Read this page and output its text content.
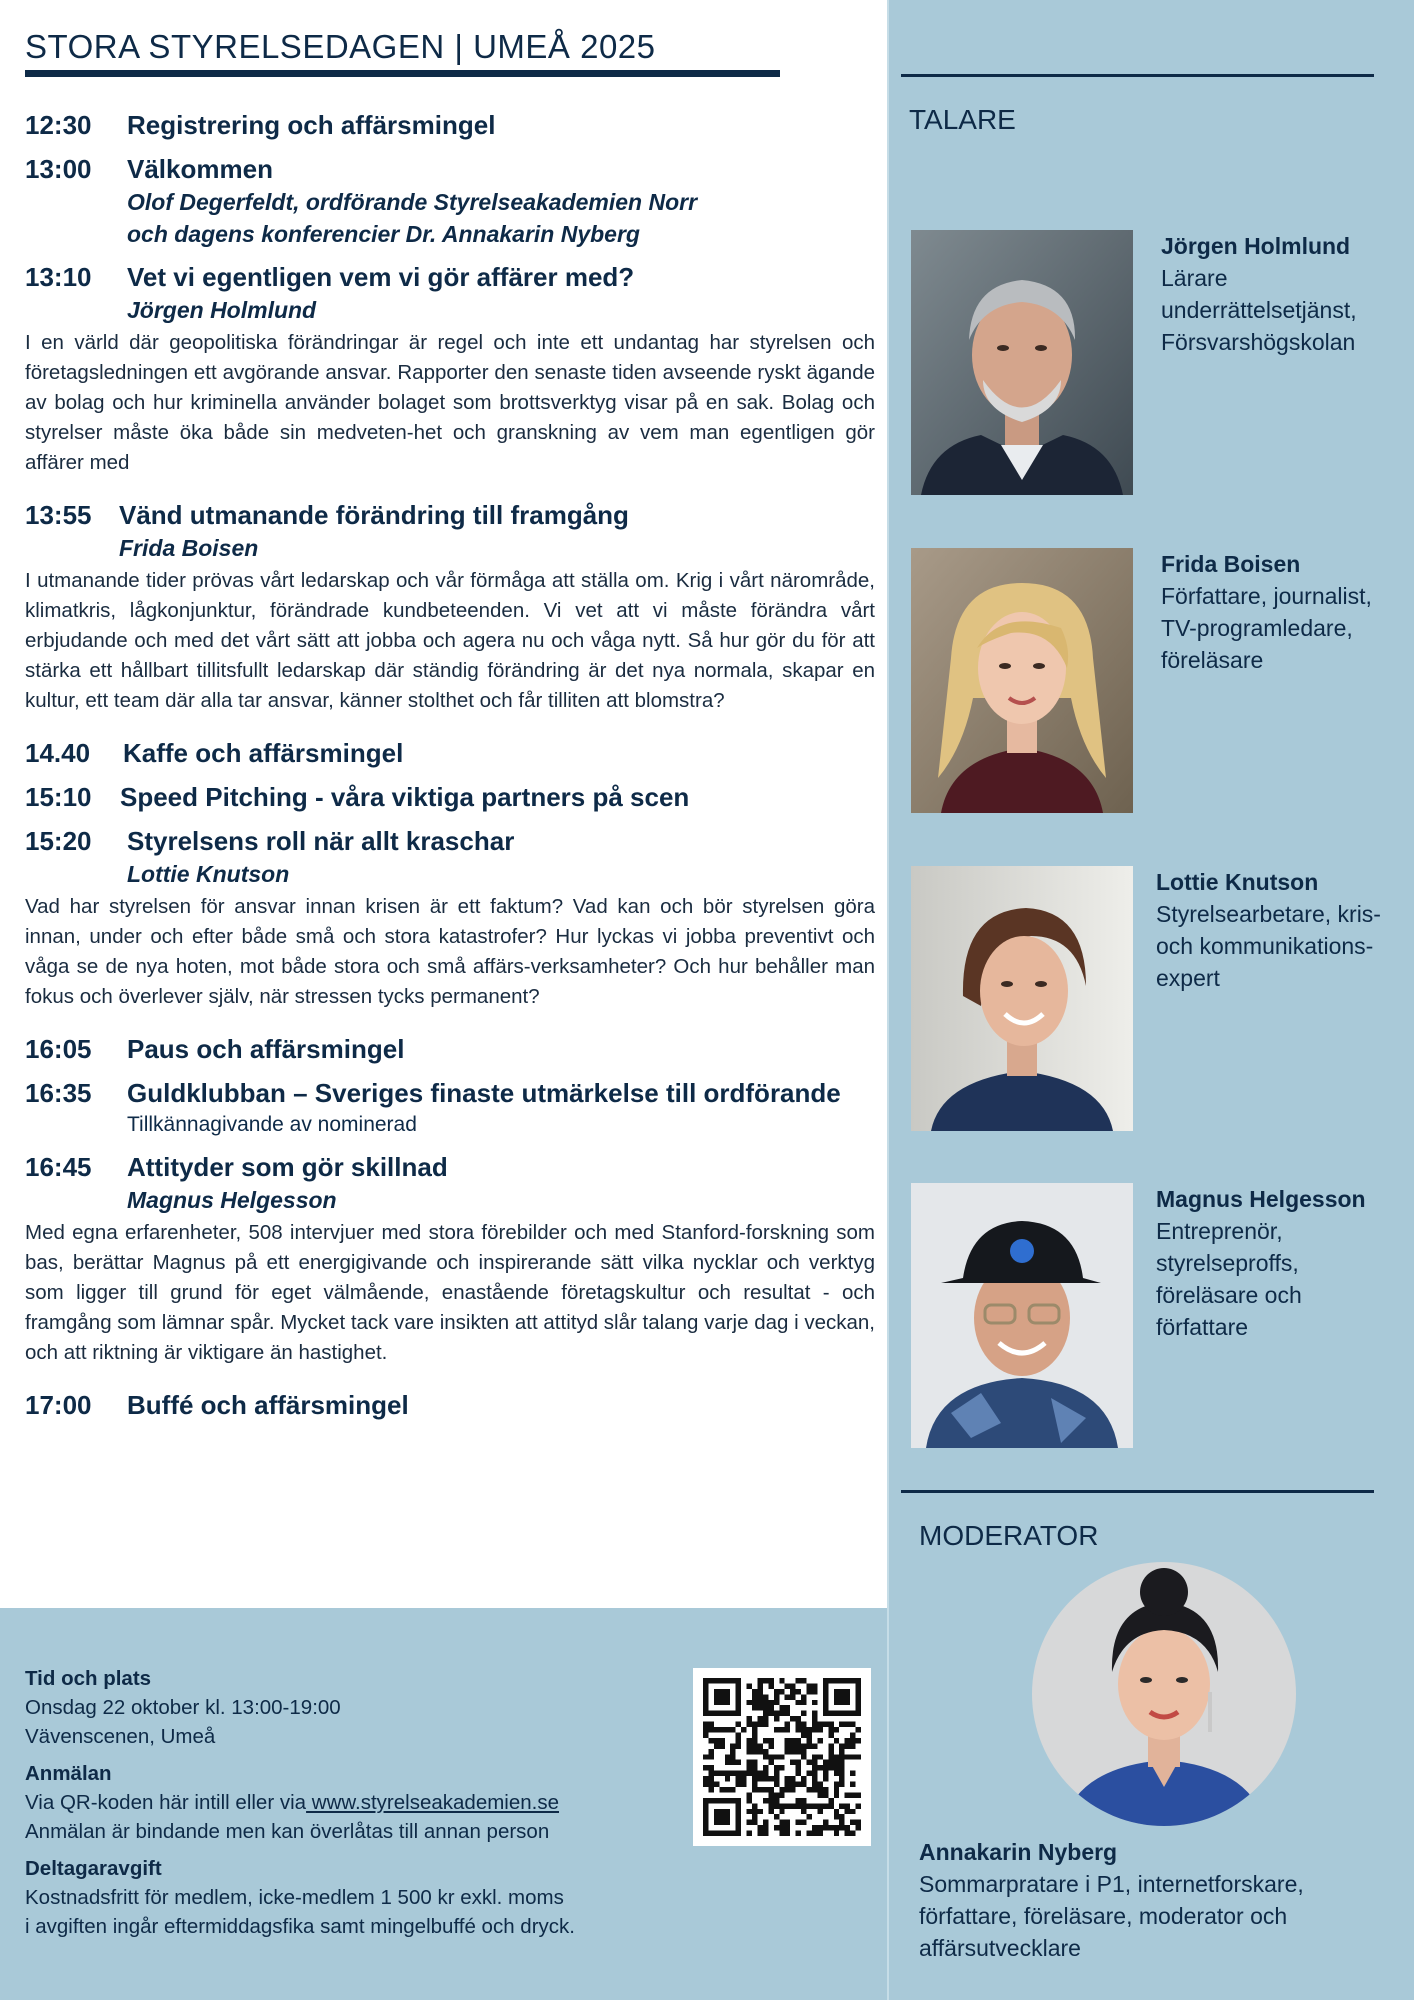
STORA STYRELSEDAGEN | UMEÅ 2025
12:30	Registrering och affärsmingel
13:00	Välkommen
Olof Degerfeldt, ordförande Styrelseakademien Norr
och dagens konferencier Dr. Annakarin Nyberg
13:10	Vet vi egentligen vem vi gör affärer med?
Jörgen Holmlund
I en värld där geopolitiska förändringar är regel och inte ett undantag har styrelsen och företagsledningen ett avgörande ansvar. Rapporter den senaste tiden avseende ryskt ägande av bolag och hur kriminella använder bolaget som brottsverktyg visar på en sak. Bolag och styrelser måste öka både sin medveten-het och granskning av vem man egentligen gör affärer med
13:55	Vänd utmanande förändring till framgång
Frida Boisen
I utmanande tider prövas vårt ledarskap och vår förmåga att ställa om. Krig i vårt närområde, klimatkris, lågkonjunktur, förändrade kundbeteenden. Vi vet att vi måste förändra vårt erbjudande och med det vårt sätt att jobba och agera nu och våga nytt. Så hur gör du för att stärka ett hållbart tillitsfullt ledarskap där ständig förändring är det nya normala, skapar en kultur, ett team där alla tar ansvar, känner stolthet och får tilliten att blomstra?
14.40	Kaffe och affärsmingel
15:10	Speed Pitching - våra viktiga partners på scen
15:20	Styrelsens roll när allt kraschar
Lottie Knutson
Vad har styrelsen för ansvar innan krisen är ett faktum? Vad kan och bör styrelsen göra innan, under och efter både små och stora katastrofer? Hur lyckas vi jobba preventivt och våga se de nya hoten, mot både stora och små affärs-verksamheter? Och hur behåller man fokus och överlever själv, när stressen tycks permanent?
16:05	Paus och affärsmingel
16:35	Guldklubban – Sveriges finaste utmärkelse till ordförande
Tillkännagivande av nominerad
16:45	Attityder som gör skillnad
Magnus Helgesson
Med egna erfarenheter, 508 intervjuer med stora förebilder och med Stanford-forskning som bas, berättar Magnus på ett energigivande och inspirerande sätt vilka nycklar och verktyg som ligger till grund för eget välmående, enastående företagskultur och resultat - och framgång som lämnar spår. Mycket tack vare insikten att attityd slår talang varje dag i veckan, och att riktning är viktigare än hastighet.
17:00	Buffé och affärsmingel
Tid och plats
Onsdag 22 oktober kl. 13:00-19:00
Vävenscenen, Umeå
Anmälan
Via QR-koden här intill eller via www.styrelseakademien.se
Anmälan är bindande men kan överlåtas till annan person
Deltagaravgift
Kostnadsfritt för medlem, icke-medlem 1 500 kr exkl. moms
i avgiften ingår eftermiddagsfika samt mingelbuffé och dryck.
TALARE
Jörgen Holmlund
Lärare
underrättelsetjänst,
Försvarshögskolan
Frida Boisen
Författare, journalist,
TV-programledare,
föreläsare
Lottie Knutson
Styrelsearbetare, kris-
och kommunikations-
expert
Magnus Helgesson
Entreprenör,
styrelseproffs,
föreläsare och
författare
MODERATOR
Annakarin Nyberg
Sommarpratare i P1, internetforskare,
författare, föreläsare, moderator och
affärsutvecklare
